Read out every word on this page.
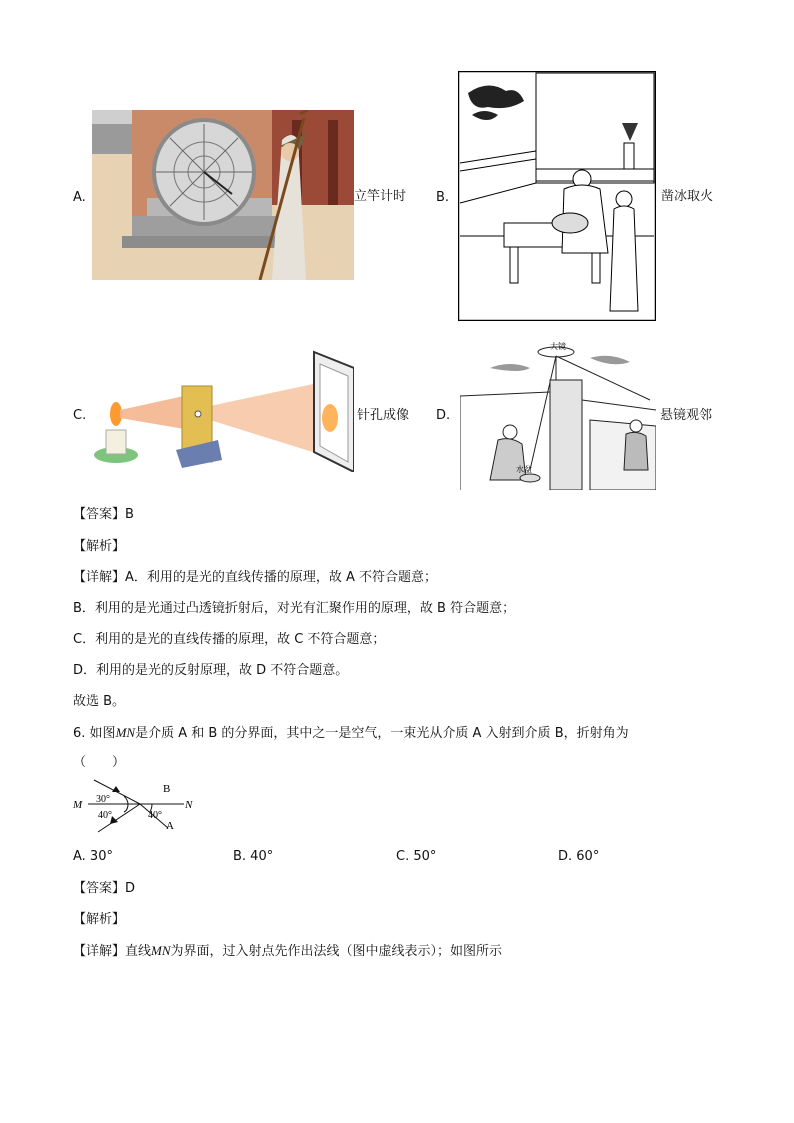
A.	立竿计时 B.	凿冰取火
C.	针孔成像 D.
大镜
水盆
悬镜观邻
【答案】B
【解析】
【详解】A．利用的是光的直线传播的原理，故 A 不符合题意；
B．利用的是光通过凸透镜折射后，对光有汇聚作用的原理，故 B 符合题意；
C．利用的是光的直线传播的原理，故 C 不符合题意；
D．利用的是光的反射原理，故 D 不符合题意。
故选 B。
6. 如图MN是介质 A 和 B 的分界面，其中之一是空气，一束光从介质 A 入射到介质 B，折射角为
（　　）
M	N
30°
40°	40°
B
A
A. 30°	B. 40°	C. 50°	D. 60°
【答案】D
【解析】
【详解】直线MN为界面，过入射点先作出法线（图中虚线表示）；如图所示
